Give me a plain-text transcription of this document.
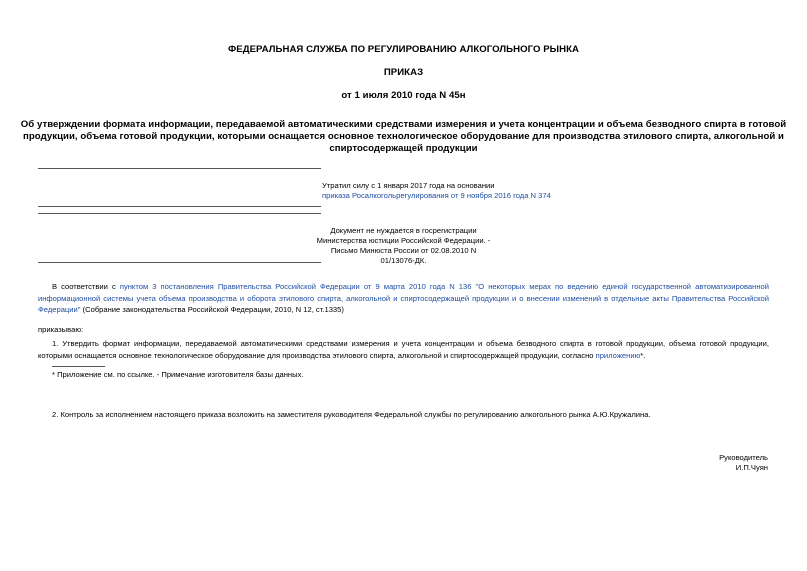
ФЕДЕРАЛЬНАЯ СЛУЖБА ПО РЕГУЛИРОВАНИЮ АЛКОГОЛЬНОГО РЫНКА
ПРИКАЗ
от 1 июля 2010 года N 45н
Об утверждении формата информации, передаваемой автоматическими средствами измерения и учета концентрации и объема безводного спирта в готовой
продукции, объема готовой продукции, которыми оснащается основное технологическое оборудование для производства этилового спирта, алкогольной и
спиртосодержащей продукции
Утратил силу с 1 января 2017 года на основании
приказа Росалкогольрегулирования от 9 ноября 2016 года N 374
Документ не нуждается в госрегистрации
Министерства юстиции Российской Федерации. -
Письмо Минюста России от 02.08.2010 N 01/13076-ДК.
В соответствии с пунктом 3 постановления Правительства Российской Федерации от 9 марта 2010 года N 136 "О некоторых мерах по ведению единой государственной автоматизированной информационной системы учета объема производства и оборота этилового спирта, алкогольной и спиртосодержащей продукции и о внесении изменений в отдельные акты Правительства Российской Федерации" (Собрание законодательства Российской Федерации, 2010, N 12, ст.1335)
приказываю:
1. Утвердить формат информации, передаваемой автоматическими средствами измерения и учета концентрации и объема безводного спирта в готовой продукции, объема готовой продукции, которыми оснащается основное технологическое оборудование для производства этилового спирта, алкогольной и спиртосодержащей продукции, согласно приложению*.
* Приложение см. по ссылке. - Примечание изготовителя базы данных.
2. Контроль за исполнением настоящего приказа возложить на заместителя руководителя Федеральной службы по регулированию алкогольного рынка А.Ю.Кружалина.
Руководитель
И.П.Чуян
